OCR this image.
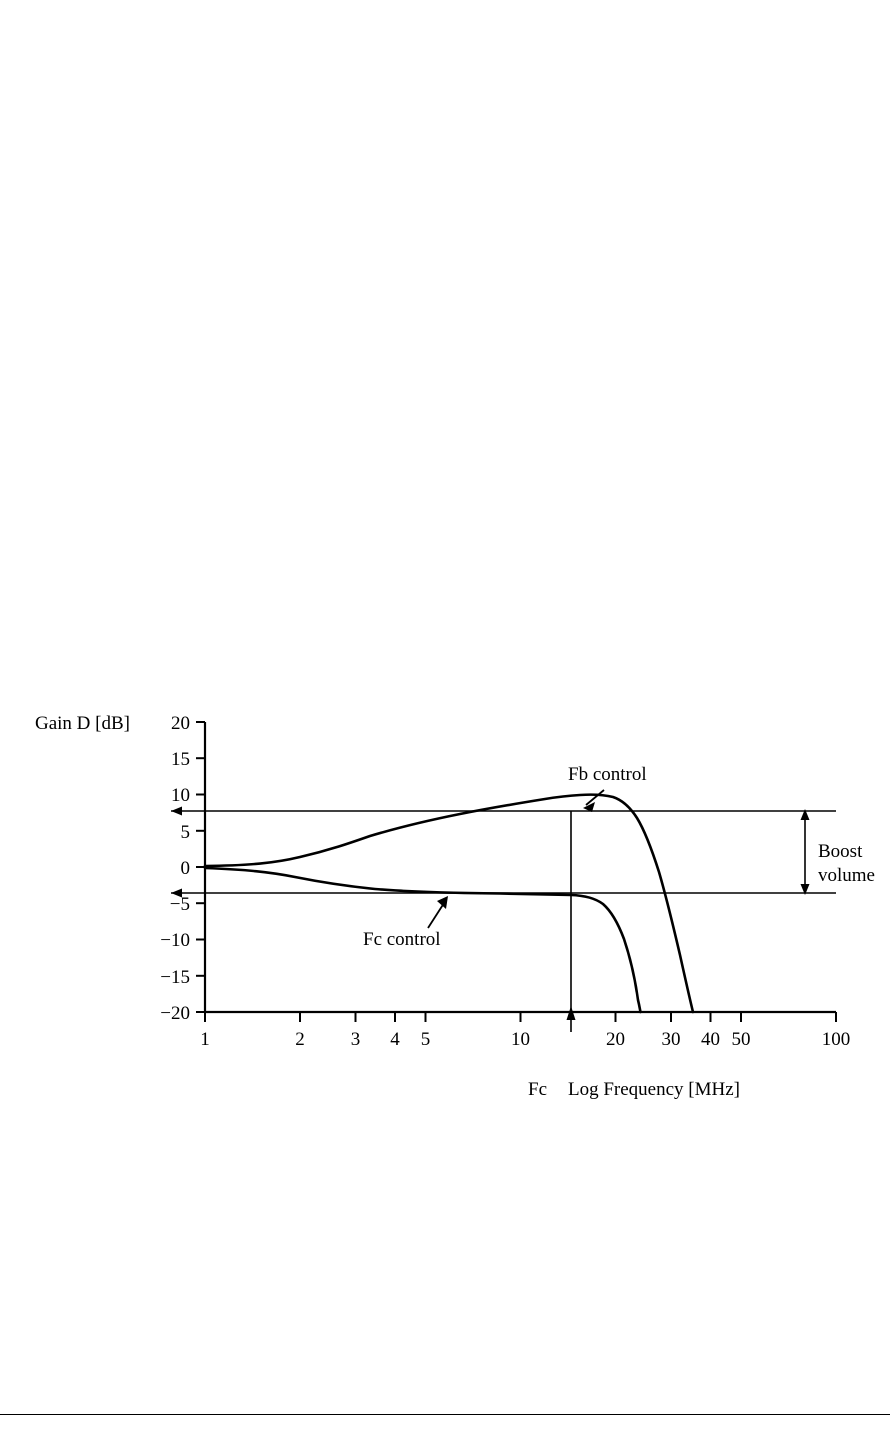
20
15
10
5
0
−5
−10
−15
−20
Gain D [dB]
1	2 3 4 5	10	20 30 40 50	100
Log Frequency [MHz]
Boost
volume
Fc
Fb control
Fc control
